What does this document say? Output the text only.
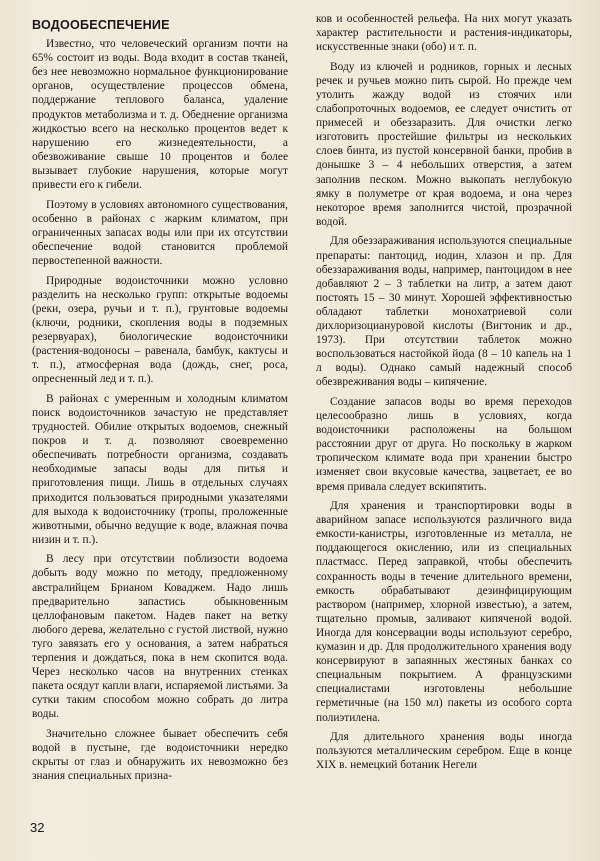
ВОДООБЕСПЕЧЕНИЕ

Известно, что человеческий организм почти на 65% состоит из воды. Вода входит в состав тканей, без нее невозможно нормальное функционирование органов, осуществление процессов обмена, поддержание теплового баланса, удаление продуктов метаболизма и т. д. Обеднение организма жидкостью всего на несколько процентов ведет к нарушению его жизнедеятельности, а обезвоживание свыше 10 процентов и более вызывает глубокие нарушения, которые могут привести его к гибели.

Поэтому в условиях автономного существования, особенно в районах с жарким климатом, при ограниченных запасах воды или при их отсутствии обеспечение водой становится проблемой первостепенной важности.

Природные водоисточники можно условно разделить на несколько групп: открытые водоемы (реки, озера, ручьи и т. п.), грунтовые водоемы (ключи, родники, скопления воды в подземных резервуарах), биологические водоисточники (растения-водоносы – равенала, бамбук, кактусы и т. п.), атмосферная вода (дождь, снег, роса, опресненный лед и т. п.).

В районах с умеренным и холодным климатом поиск водоисточников зачастую не представляет трудностей. Обилие открытых водоемов, снежный покров и т. д. позволяют своевременно обеспечивать потребности организма, создавать необходимые запасы воды для питья и приготовления пищи. Лишь в отдельных случаях приходится пользоваться природными указателями для выхода к водоисточнику (тропы, проложенные животными, обычно ведущие к воде, влажная почва низин и т. п.).

В лесу при отсутствии поблизости водоема добыть воду можно по методу, предложенному австралийцем Брианом Коваджем. Надо лишь предварительно запастись обыкновенным целлофановым пакетом. Надев пакет на ветку любого дерева, желательно с густой листвой, нужно туго завязать его у основания, а затем набраться терпения и дождаться, пока в нем скопится вода. Через несколько часов на внутренних стенках пакета осядут капли влаги, испаряемой листьями. За сутки таким способом можно собрать до литра воды.

Значительно сложнее бывает обеспечить себя водой в пустыне, где водоисточники нередко скрыты от глаз и обнаружить их невозможно без знания специальных призна-

ков и особенностей рельефа. На них могут указать характер растительности и растения-индикаторы, искусственные знаки (обо) и т. п.

Воду из ключей и родников, горных и лесных речек и ручьев можно пить сырой. Но прежде чем утолить жажду водой из стоячих или слабопроточных водоемов, ее следует очистить от примесей и обеззаразить. Для очистки легко изготовить простейшие фильтры из нескольких слоев бинта, из пустой консервной банки, пробив в донышке 3 – 4 небольших отверстия, а затем заполнив песком. Можно выкопать неглубокую ямку в полуметре от края водоема, и она через некоторое время заполнится чистой, прозрачной водой.

Для обеззараживания используются специальные препараты: пантоцид, иодин, хлазон и пр. Для обеззараживания воды, например, пантоцидом в нее добавляют 2 – 3 таблетки на литр, а затем дают постоять 15 – 30 минут. Хорошей эффективностью обладают таблетки монохатриевой соли дихлоризоциануровой кислоты (Вигтоник и др., 1973). При отсутствии таблеток можно воспользоваться настойкой йода (8 – 10 капель на 1 л воды). Однако самый надежный способ обезвреживания воды – кипячение.

Создание запасов воды во время переходов целесообразно лишь в условиях, когда водоисточники расположены на большом расстоянии друг от друга. Но поскольку в жарком тропическом климате вода при хранении быстро изменяет свои вкусовые качества, зацветает, ее во время привала следует вскипятить.

Для хранения и транспортировки воды в аварийном запасе используются различного вида емкости-канистры, изготовленные из металла, не поддающегося окислению, или из специальных пластмасс. Перед заправкой, чтобы обеспечить сохранность воды в течение длительного времени, емкость обрабатывают дезинфицирующим раствором (например, хлорной известью), а затем, тщательно промыв, заливают кипяченой водой. Иногда для консервации воды используют серебро, кумазин и др. Для продолжительного хранения воду консервируют в запаянных жестяных банках со специальным покрытием. А французскими специалистами изготовлены небольшие герметичные (на 150 мл) пакеты из особого сорта полиэтилена.

Для длительного хранения воды иногда пользуются металлическим серебром. Еще в конце XIX в. немецкий ботаник Негели

32
